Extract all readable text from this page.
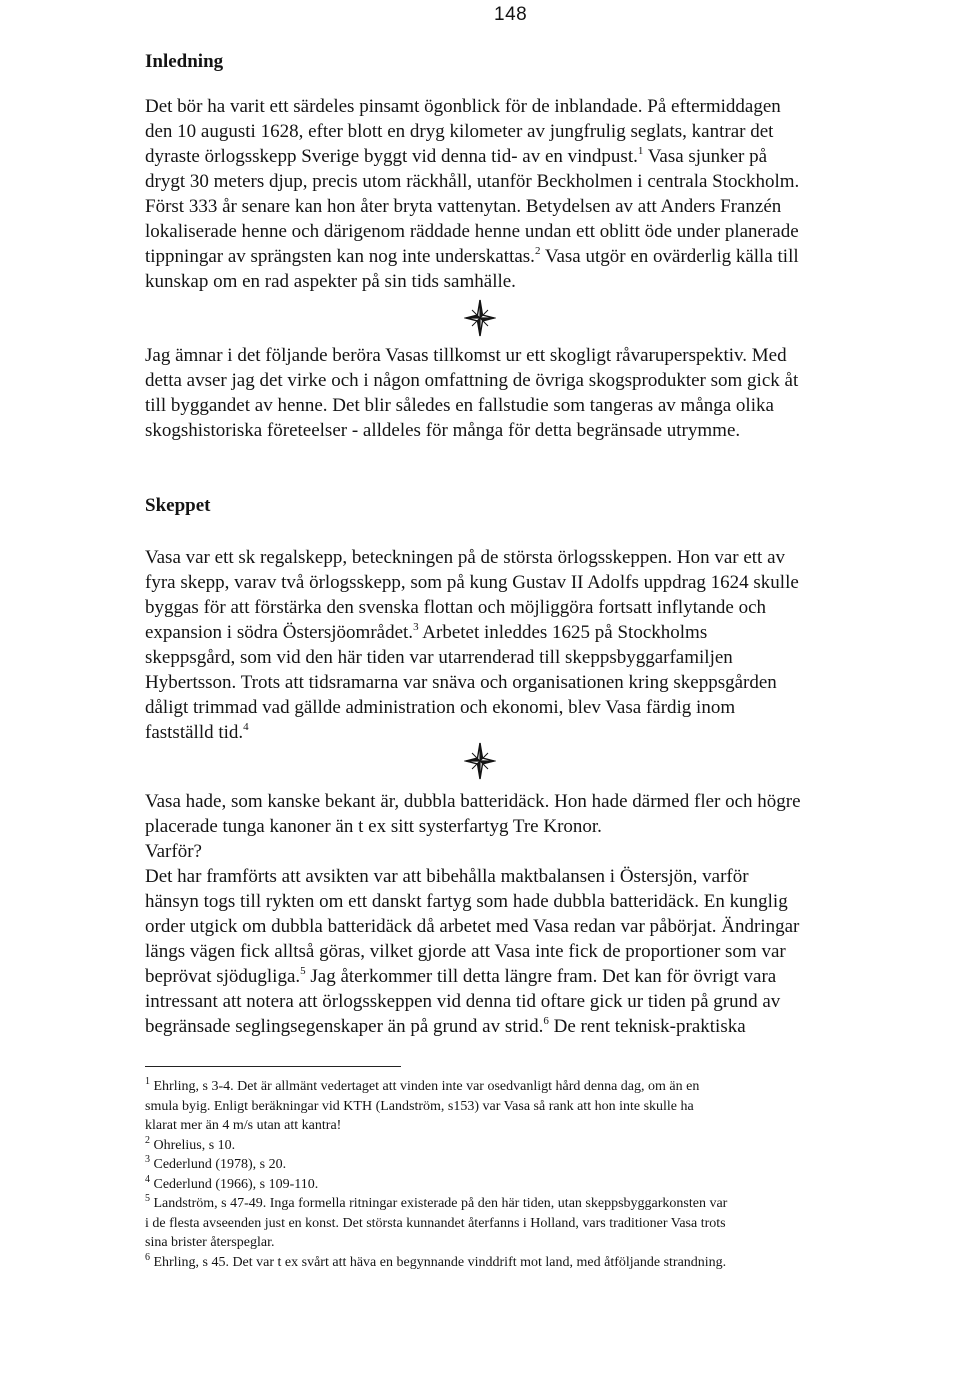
148
Inledning
Det bör ha varit ett särdeles pinsamt ögonblick för de inblandade. På eftermiddagen
den 10 augusti 1628, efter blott en dryg kilometer av jungfrulig seglats, kantrar det
dyraste örlogsskepp Sverige byggt vid denna tid- av en vindpust.$^1$ Vasa sjunker på
drygt 30 meters djup, precis utom räckhåll, utanför Beckholmen i centrala Stockholm.
Först 333 år senare kan hon åter bryta vattenytan. Betydelsen av att Anders Franzén
lokaliserade henne och därigenom räddade henne undan ett oblitt öde under planerade
tippningar av sprängsten kan nog inte underskattas.$^2$ Vasa utgör en ovärderlig källa till
kunskap om en rad aspekter på sin tids samhälle.
Jag ämnar i det följande beröra Vasas tillkomst ur ett skogligt råvaruperspektiv. Med
detta avser jag det virke och i någon omfattning de övriga skogsprodukter som gick åt
till byggandet av henne. Det blir således en fallstudie som tangeras av många olika
skogshistoriska företeelser - alldeles för många för detta begränsade utrymme.
Skeppet
Vasa var ett sk regalskepp, beteckningen på de största örlogsskeppen. Hon var ett av
fyra skepp, varav två örlogsskepp, som på kung Gustav II Adolfs uppdrag 1624 skulle
byggas för att förstärka den svenska flottan och möjliggöra fortsatt inflytande och
expansion i södra Östersjöområdet.$^3$ Arbetet inleddes 1625 på Stockholms
skeppsgård, som vid den här tiden var utarrenderad till skeppsbyggarfamiljen
Hybertsson. Trots att tidsramarna var snäva och organisationen kring skeppsgården
dåligt trimmad vad gällde administration och ekonomi, blev Vasa färdig inom
fastställd tid.$^4$
Vasa hade, som kanske bekant är, dubbla batteridäck. Hon hade därmed fler och högre
placerade tunga kanoner än t ex sitt systerfartyg Tre Kronor.
Varför?
Det har framförts att avsikten var att bibehålla maktbalansen i Östersjön, varför
hänsyn togs till rykten om ett danskt fartyg som hade dubbla batteridäck. En kunglig
order utgick om dubbla batteridäck då arbetet med Vasa redan var påbörjat. Ändringar
längs vägen fick alltså göras, vilket gjorde att Vasa inte fick de proportioner som var
beprövat sjödugliga.$^5$ Jag återkommer till detta längre fram. Det kan för övrigt vara
intressant att notera att örlogsskeppen vid denna tid oftare gick ur tiden på grund av
begränsade seglingsegenskaper än på grund av strid.$^6$ De rent teknisk-praktiska
$^1$ Ehrling, s 3-4. Det är allmänt vedertaget att vinden inte var osedvanligt hård denna dag, om än en
smula byig. Enligt beräkningar vid KTH (Landström, s153) var Vasa så rank att hon inte skulle ha
klarat mer än 4 m/s utan att kantra!
$^2$ Ohrelius, s 10.
$^3$ Cederlund (1978), s 20.
$^4$ Cederlund (1966), s 109-110.
$^5$ Landström, s 47-49. Inga formella ritningar existerade på den här tiden, utan skeppsbyggarkonsten var
i de flesta avseenden just en konst. Det största kunnandet återfanns i Holland, vars traditioner Vasa trots
sina brister återspeglar.
$^6$ Ehrling, s 45. Det var t ex svårt att häva en begynnande vinddrift mot land, med åtföljande strandning.
